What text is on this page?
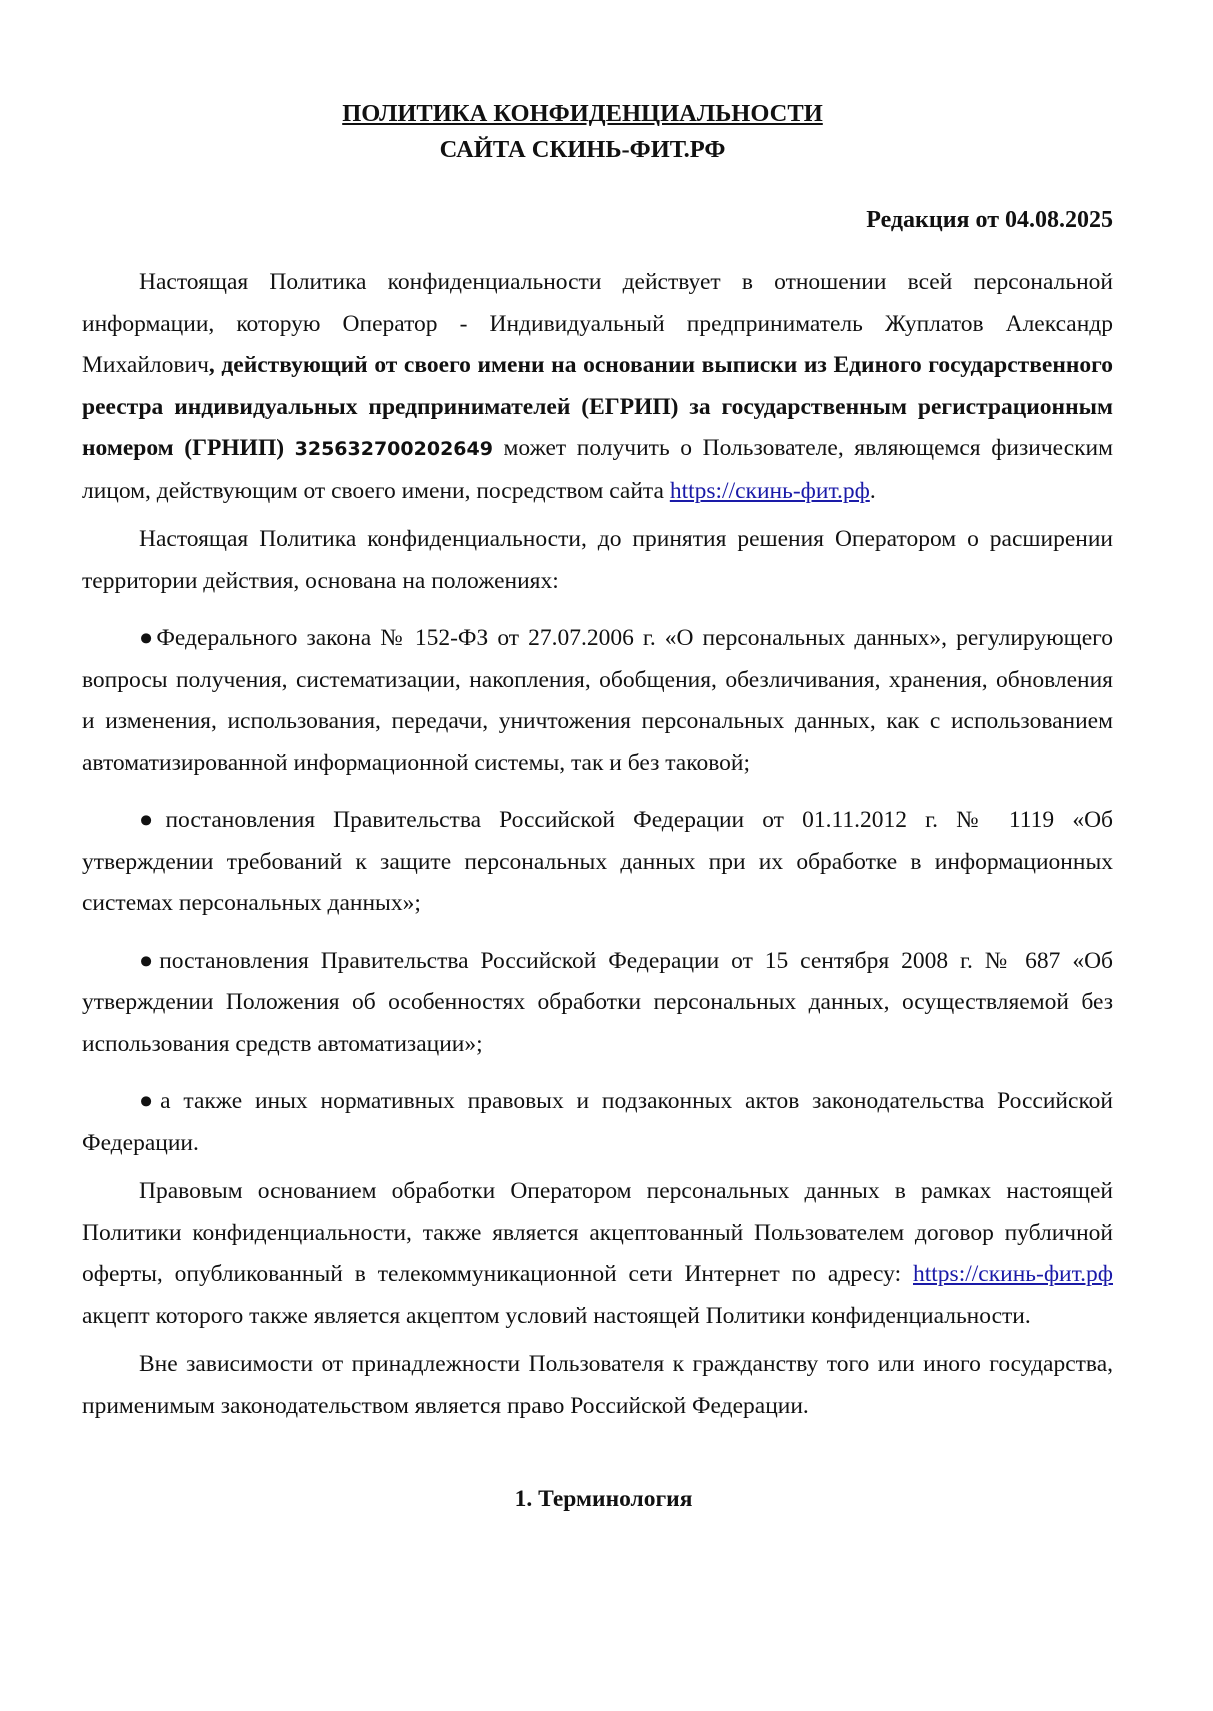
ПОЛИТИКА КОНФИДЕНЦИАЛЬНОСТИ
САЙТА СКИНЬ-ФИТ.РФ
Редакция от 04.08.2025

Настоящая Политика конфиденциальности действует в отношении всей персональной информации, которую Оператор - Индивидуальный предприниматель Жуплатов Александр Михайлович, действующий от своего имени на основании выписки из Единого государственного реестра индивидуальных предпринимателей (ЕГРИП) за государственным регистрационным номером (ГРНИП) 325632700202649 может получить о Пользователе, являющемся физическим лицом, действующим от своего имени, посредством сайта https://скинь-фит.рф.

Настоящая Политика конфиденциальности, до принятия решения Оператором о расширении территории действия, основана на положениях:

●Федерального закона № 152-ФЗ от 27.07.2006 г. «О персональных данных», регулирующего вопросы получения, систематизации, накопления, обобщения, обезличивания, хранения, обновления и изменения, использования, передачи, уничтожения персональных данных, как с использованием автоматизированной информационной системы, так и без таковой;

●постановления Правительства Российской Федерации от 01.11.2012 г. № 1119 «Об утверждении требований к защите персональных данных при их обработке в информационных системах персональных данных»;

●постановления Правительства Российской Федерации от 15 сентября 2008 г. № 687 «Об утверждении Положения об особенностях обработки персональных данных, осуществляемой без использования средств автоматизации»;

●а также иных нормативных правовых и подзаконных актов законодательства Российской Федерации.

Правовым основанием обработки Оператором персональных данных в рамках настоящей Политики конфиденциальности, также является акцептованный Пользователем договор публичной оферты, опубликованный в телекоммуникационной сети Интернет по адресу: https://скинь-фит.рф акцепт которого также является акцептом условий настоящей Политики конфиденциальности.

Вне зависимости от принадлежности Пользователя к гражданству того или иного государства, применимым законодательством является право Российской Федерации.

1. Терминология
